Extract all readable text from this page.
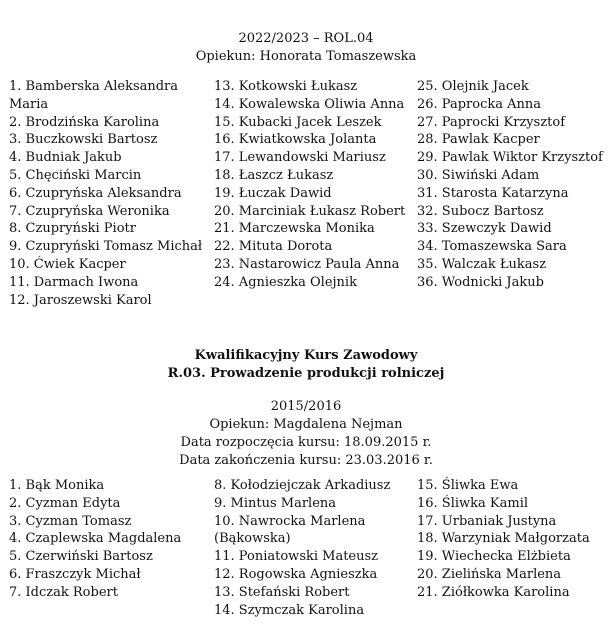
2022/2023 – ROL.04
Opiekun: Honorata Tomaszewska
1. Bamberska Aleksandra
Maria
2. Brodzińska Karolina
3. Buczkowski Bartosz
4. Budniak Jakub
5. Chęciński Marcin
6. Czupryńska Aleksandra
7. Czupryńska Weronika
8. Czupryński Piotr
9. Czupryński Tomasz Michał
10. Ćwiek Kacper
11. Darmach Iwona
12. Jaroszewski Karol
13. Kotkowski Łukasz
14. Kowalewska Oliwia Anna
15. Kubacki Jacek Leszek
16. Kwiatkowska Jolanta
17. Lewandowski Mariusz
18. Łaszcz Łukasz
19. Łuczak Dawid
20. Marciniak Łukasz Robert
21. Marczewska Monika
22. Mituta Dorota
23. Nastarowicz Paula Anna
24. Agnieszka Olejnik
25. Olejnik Jacek
26. Paprocka Anna
27. Paprocki Krzysztof
28. Pawlak Kacper
29. Pawlak Wiktor Krzysztof
30. Siwiński Adam
31. Starosta Katarzyna
32. Subocz Bartosz
33. Szewczyk Dawid
34. Tomaszewska Sara
35. Walczak Łukasz
36. Wodnicki Jakub
Kwalifikacyjny Kurs Zawodowy
R.03. Prowadzenie produkcji rolniczej
2015/2016
Opiekun: Magdalena Nejman
Data rozpoczęcia kursu: 18.09.2015 r.
Data zakończenia kursu: 23.03.2016 r.
1. Bąk Monika
2. Cyzman Edyta
3. Cyzman Tomasz
4. Czaplewska Magdalena
5. Czerwiński Bartosz
6. Fraszczyk Michał
7. Idczak Robert
8. Kołodziejczak Arkadiusz
9. Mintus Marlena
10. Nawrocka Marlena
(Bąkowska)
11. Poniatowski Mateusz
12. Rogowska Agnieszka
13. Stefański Robert
14. Szymczak Karolina
15. Śliwka Ewa
16. Śliwka Kamil
17. Urbaniak Justyna
18. Warzyniak Małgorzata
19. Wiechecka Elżbieta
20. Zielińska Marlena
21. Ziółkowka Karolina
